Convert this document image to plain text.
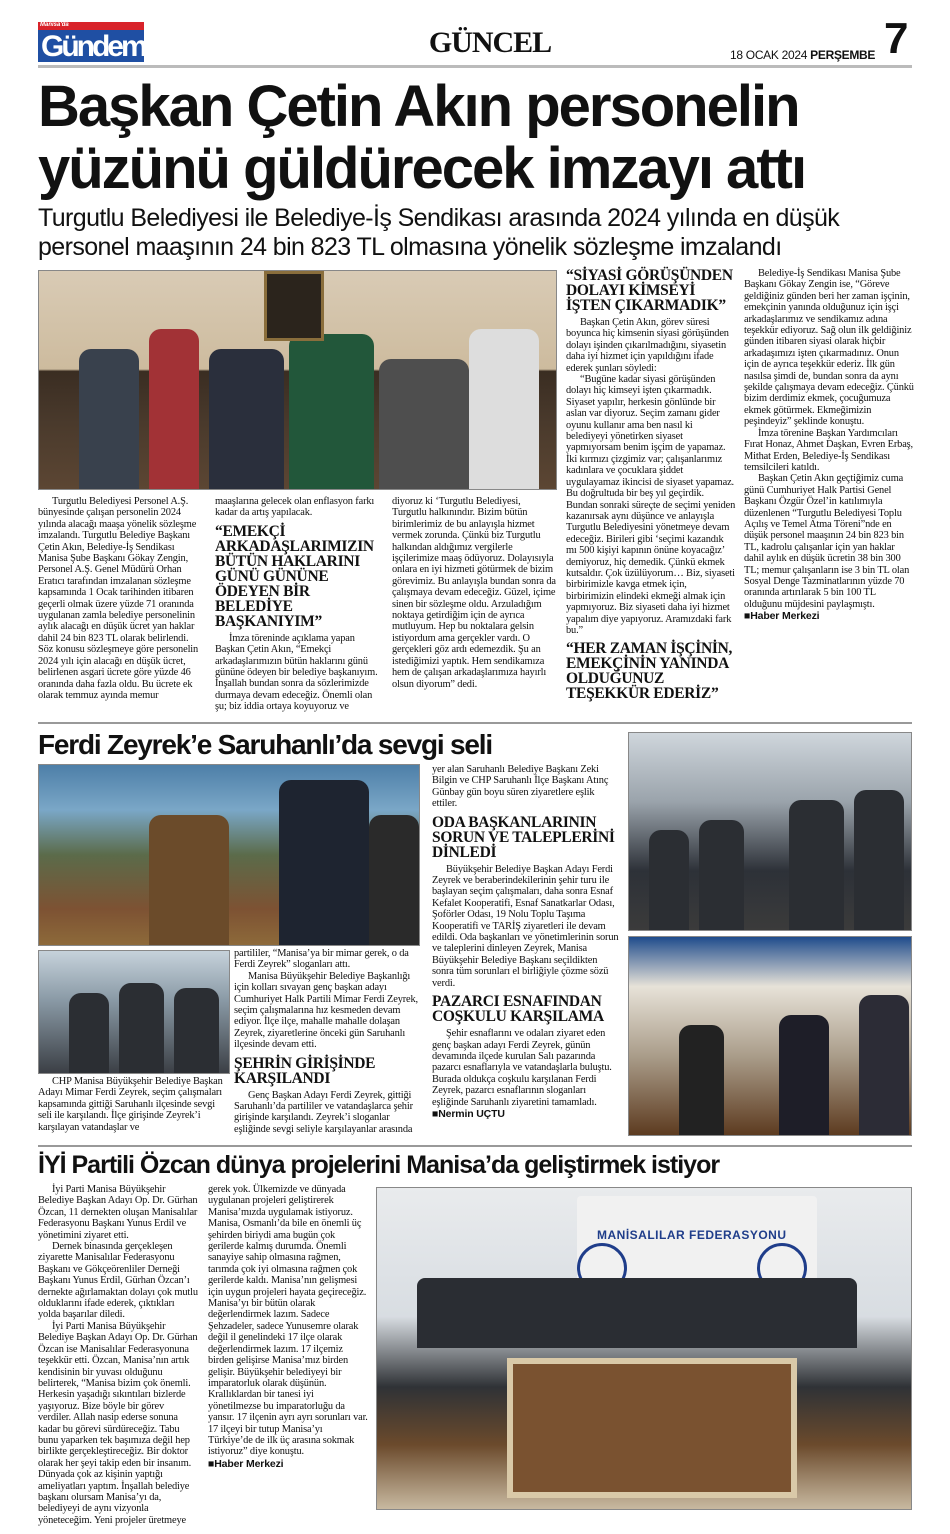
Manisa'da
Gündem	GÜNCEL	18 OCAK 2024 PERŞEMBE 7
Başkan Çetin Akın personelin yüzünü güldürecek imzayı attı
Turgutlu Belediyesi ile Belediye-İş Sendikası arasında 2024 yılında en düşük personel maaşının 24 bin 823 TL olmasına yönelik sözleşme imzalandı

Turgutlu Belediyesi Personel A.Ş. bünyesinde çalışan personelin 2024 yılında alacağı maaşa yönelik sözleşme imzalandı. Turgutlu Belediye Başkanı Çetin Akın, Belediye-İş Sendikası Manisa Şube Başkanı Gökay Zengin, Personel A.Ş. Genel Müdürü Orhan Eratıcı tarafından imzalanan sözleşme kapsamında 1 Ocak tarihinden itibaren geçerli olmak üzere yüzde 71 oranında uygulanan zamla belediye personelinin aylık alacağı en düşük ücret yan haklar dahil 24 bin 823 TL olarak belirlendi. Söz konusu sözleşmeye göre personelin 2024 yılı için alacağı en düşük ücret, belirlenen asgari ücrete göre yüzde 46 oranında daha fazla oldu. Bu ücrete ek olarak temmuz ayında memur maaşlarına gelecek olan enflasyon farkı kadar da artış yapılacak.

“EMEKÇİ ARKADAŞLARIMIZIN BÜTÜN HAKLARINI GÜNÜ GÜNÜNE ÖDEYEN BİR BELEDİYE BAŞKANIYIM”

İmza töreninde açıklama yapan Başkan Çetin Akın, “Emekçi arkadaşlarımızın bütün haklarını günü gününe ödeyen bir belediye başkanıyım. İnşallah bundan sonra da sözlerimizde durmaya devam edeceğiz. Önemli olan şu; biz iddia ortaya koyuyoruz ve diyoruz ki ‘Turgutlu Belediyesi, Turgutlu halkınındır. Bizim bütün birimlerimiz de bu anlayışla hizmet vermek zorunda. Çünkü biz Turgutlu halkından aldığımız vergilerle işçilerimize maaş ödüyoruz. Dolayısıyla onlara en iyi hizmeti götürmek de bizim görevimiz. Bu anlayışla bundan sonra da çalışmaya devam edeceğiz. Güzel, içime sinen bir sözleşme oldu. Arzuladığım noktaya getirdiğim için de ayrıca mutluyum. Hep bu noktalara gelsin istiyordum ama gerçekler vardı. O gerçekleri göz ardı edemezdik. Şu an istediğimizi yaptık. Hem sendikamıza hem de çalışan arkadaşlarımıza hayırlı olsun diyorum” dedi.

“SİYASİ GÖRÜŞÜNDEN DOLAYI KİMSEYİ İŞTEN ÇIKARMADIK”

Başkan Çetin Akın, görev süresi boyunca hiç kimsenin siyasi görüşünden dolayı işinden çıkarılmadığını, siyasetin daha iyi hizmet için yapıldığını ifade ederek şunları söyledi:

“Bugüne kadar siyasi görüşünden dolayı hiç kimseyi işten çıkarmadık. Siyaset yapılır, herkesin gönlünde bir aslan var diyoruz. Seçim zamanı gider oyunu kullanır ama ben nasıl ki belediyeyi yönetirken siyaset yapmıyorsam benim işçim de yapamaz. İki kırmızı çizgimiz var; çalışanlarımız kadınlara ve çocuklara şiddet uygulayamaz ikincisi de siyaset yapamaz. Bu doğrultuda bir beş yıl geçirdik. Bundan sonraki süreçte de seçimi yeniden kazanırsak aynı düşünce ve anlayışla Turgutlu Belediyesini yönetmeye devam edeceğiz. Birileri gibi ‘seçimi kazandık mı 500 kişiyi kapının önüne koyacağız’ demiyoruz, hiç demedik. Çünkü ekmek kutsaldır. Çok üzülüyorum… Biz, siyaseti birbirimizle kavga etmek için, birbirimizin elindeki ekmeği almak için yapmıyoruz. Biz siyaseti daha iyi hizmet yapalım diye yapıyoruz. Aramızdaki fark bu.”

“HER ZAMAN İŞÇİNİN, EMEKÇİNİN YANINDA OLDUĞUNUZ TEŞEKKÜR EDERİZ”

Belediye-İş Sendikası Manisa Şube Başkanı Gökay Zengin ise, “Göreve geldiğiniz günden beri her zaman işçinin, emekçinin yanında olduğunuz için işçi arkadaşlarımız ve sendikamız adına teşekkür ediyoruz. Sağ olun ilk geldiğiniz günden itibaren siyasi olarak hiçbir arkadaşımızı işten çıkarmadınız. Onun için de ayrıca teşekkür ederiz. İlk gün nasılsa şimdi de, bundan sonra da aynı şekilde çalışmaya devam edeceğiz. Çünkü bizim derdimiz ekmek, çocuğumuza ekmek götürmek. Ekmeğimizin peşindeyiz” şeklinde konuştu.

İmza törenine Başkan Yardımcıları Fırat Honaz, Ahmet Daşkan, Evren Erbaş, Mithat Erden, Belediye-İş Sendikası temsilcileri katıldı.

Başkan Çetin Akın geçtiğimiz cuma günü Cumhuriyet Halk Partisi Genel Başkanı Özgür Özel’in katılımıyla düzenlenen “Turgutlu Belediyesi Toplu Açılış ve Temel Atma Töreni”nde en düşük personel maaşının 24 bin 823 bin TL, kadrolu çalışanlar için yan haklar dahil aylık en düşük ücretin 38 bin 300 TL; memur çalışanların ise 3 bin TL olan Sosyal Denge Tazminatlarının yüzde 70 oranında artırılarak 5 bin 100 TL olduğunu müjdesini paylaşmıştı. ■ Haber Merkezi

Ferdi Zeyrek’e Saruhanlı’da sevgi seli
CHP Manisa Büyükşehir Belediye Başkan Adayı Mimar Ferdi Zeyrek, seçim çalışmaları kapsamında gittiği Saruhanlı ilçesinde sevgi seli ile karşılandı. İlçe girişinde Zeyrek’i karşılayan vatandaşlar ve

partililer, “Manisa’ya bir mimar gerek, o da Ferdi Zeyrek” sloganları attı.

Manisa Büyükşehir Belediye Başkanlığı için kolları sıvayan genç başkan adayı Cumhuriyet Halk Partili Mimar Ferdi Zeyrek, seçim çalışmalarına hız kesmeden devam ediyor. İlçe ilçe, mahalle mahalle dolaşan Zeyrek, ziyaretlerine önceki gün Saruhanlı ilçesinde devam etti.

ŞEHRİN GİRİŞİNDE KARŞILANDI

Genç Başkan Adayı Ferdi Zeyrek, gittiği Saruhanlı’da partililer ve vatandaşlarca şehir girişinde karşılandı. Zeyrek’i sloganlar eşliğinde sevgi seliyle karşılayanlar arasında yer alan Saruhanlı Belediye Başkanı Zeki Bilgin ve CHP Saruhanlı İlçe Başkanı Atınç Günbay gün boyu süren ziyaretlere eşlik ettiler.

ODA BAŞKANLARININ SORUN VE TALEPLERİNİ DİNLEDİ

Büyükşehir Belediye Başkan Adayı Ferdi Zeyrek ve beraberindekilerinin şehir turu ile başlayan seçim çalışmaları, daha sonra Esnaf Kefalet Kooperatifi, Esnaf Sanatkarlar Odası, Şoförler Odası, 19 Nolu Toplu Taşıma Kooperatifi ve TARİŞ ziyaretleri ile devam edildi. Oda başkanları ve yönetimlerinin sorun ve taleplerini dinleyen Zeyrek, Manisa Büyükşehir Belediye Başkanı seçildikten sonra tüm sorunları el birliğiyle çözme sözü verdi.

PAZARCI ESNAFINDAN COŞKULU KARŞILAMA

Şehir esnaflarını ve odaları ziyaret eden genç başkan adayı Ferdi Zeyrek, günün devamında ilçede kurulan Salı pazarında pazarcı esnaflarıyla ve vatandaşlarla buluştu. Burada oldukça coşkulu karşılanan Ferdi Zeyrek, pazarcı esnaflarının sloganları eşliğinde Saruhanlı ziyaretini tamamladı. ■ Nermin UÇTU

İYİ Partili Özcan dünya projelerini Manisa’da geliştirmek istiyor

İyi Parti Manisa Büyükşehir Belediye Başkan Adayı Op. Dr. Gürhan Özcan, 11 dernekten oluşan Manisalılar Federasyonu Başkanı Yunus Erdil ve yönetimini ziyaret etti.

Dernek binasında gerçekleşen ziyarette Manisalılar Federasyonu Başkanı ve Gökçeörenliler Derneği Başkanı Yunus Erdil, Gürhan Özcan’ı dernekte ağırlamaktan dolayı çok mutlu olduklarını ifade ederek, çıktıkları yolda başarılar diledi.

İyi Parti Manisa Büyükşehir Belediye Başkan Adayı Op. Dr. Gürhan Özcan ise Manisalılar Federasyonuna teşekkür etti. Özcan, Manisa’nın artık kendisinin bir yuvası olduğunu belirterek, “Manisa bizim çok önemli. Herkesin yaşadığı sıkıntıları bizlerde yaşıyoruz. Bize böyle bir görev verdiler. Allah nasip ederse sonuna kadar bu görevi sürdüreceğiz. Tabu bunu yaparken tek başımıza değil hep birlikte gerçekleştireceğiz. Bir doktor olarak her şeyi takip eden bir insanım. Dünyada çok az kişinin yaptığı ameliyatları yaptım. İnşallah belediye başkanı olursam Manisa’yı da, belediyeyi de aynı vizyonla yöneteceğim. Yeni projeler üretmeye gerek yok. Ülkemizde ve dünyada uygulanan projeleri geliştirerek Manisa’mızda uygulamak istiyoruz. Manisa, Osmanlı’da bile en önemli üç şehirden biriydi ama bugün çok gerilerde kalmış durumda. Önemli sanayiye sahip olmasına rağmen, tarımda çok iyi olmasına rağmen çok gerilerde kaldı. Manisa’nın gelişmesi için uygun projeleri hayata geçireceğiz. Manisa’yı bir bütün olarak değerlendirmek lazım. Sadece Şehzadeler, sadece Yunusemre olarak değil il genelindeki 17 ilçe olarak değerlendirmek lazım. 17 ilçemiz birden gelişirse Manisa’mız birden gelişir. Büyükşehir belediyeyi bir imparatorluk olarak düşünün. Krallıklardan bir tanesi iyi yönetilmezse bu imparatorluğu da yansır. 17 ilçenin ayrı ayrı sorunları var. 17 ilçeyi bir tutup Manisa’yı Türkiye’de de ilk üç arasına sokmak istiyoruz” diye konuştu. ■ Haber Merkezi

MANİSALILAR FEDERASYONU
